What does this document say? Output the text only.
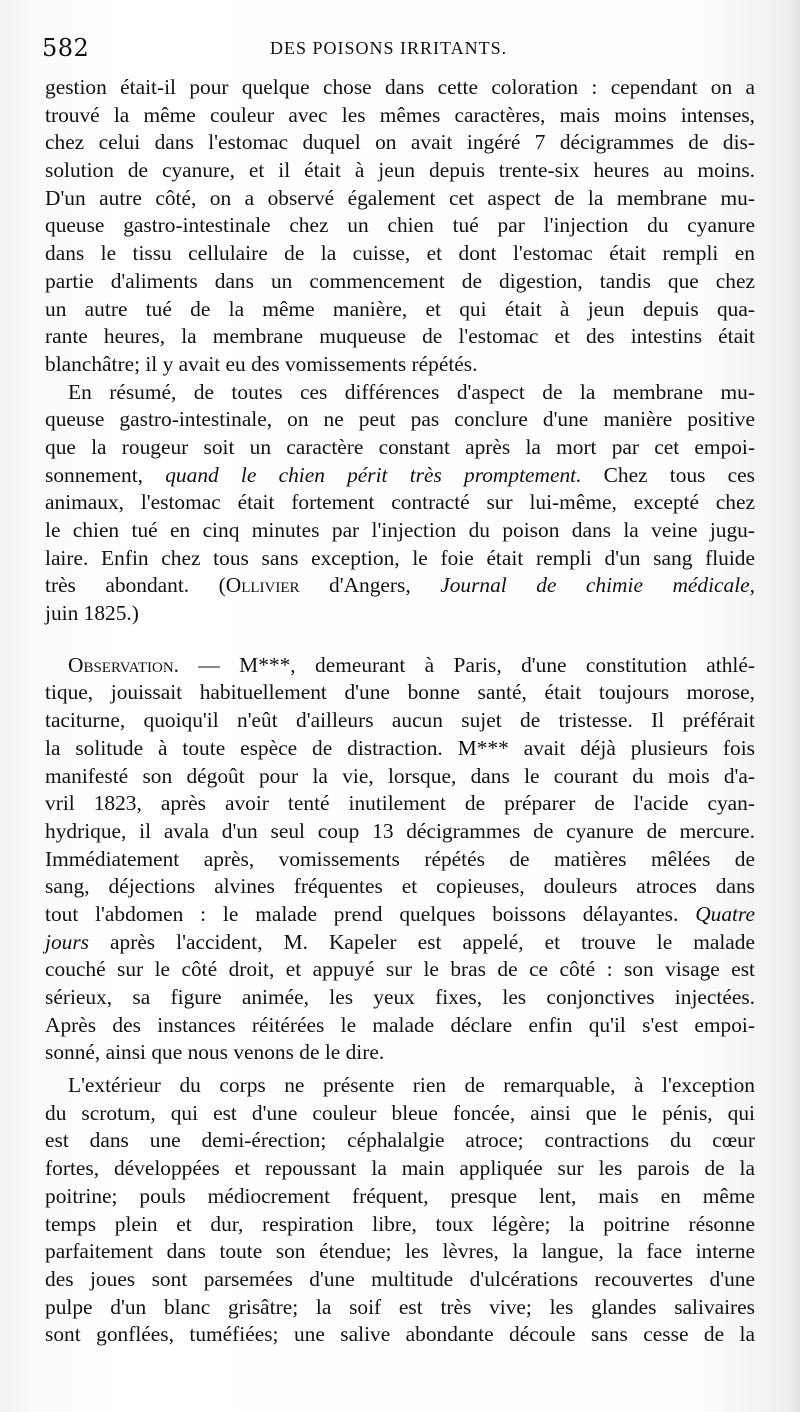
582	DES POISONS IRRITANTS.
gestion était-il pour quelque chose dans cette coloration : cependant on a
trouvé la même couleur avec les mêmes caractères, mais moins intenses,
chez celui dans l'estomac duquel on avait ingéré 7 décigrammes de dis-
solution de cyanure, et il était à jeun depuis trente-six heures au moins.
D'un autre côté, on a observé également cet aspect de la membrane mu-
queuse gastro-intestinale chez un chien tué par l'injection du cyanure
dans le tissu cellulaire de la cuisse, et dont l'estomac était rempli en
partie d'aliments dans un commencement de digestion, tandis que chez
un autre tué de la même manière, et qui était à jeun depuis qua-
rante heures, la membrane muqueuse de l'estomac et des intestins était
blanchâtre; il y avait eu des vomissements répétés.
En résumé, de toutes ces différences d'aspect de la membrane mu-
queuse gastro-intestinale, on ne peut pas conclure d'une manière positive
que la rougeur soit un caractère constant après la mort par cet empoi-
sonnement, quand le chien périt très promptement. Chez tous ces
animaux, l'estomac était fortement contracté sur lui-même, excepté chez
le chien tué en cinq minutes par l'injection du poison dans la veine jugu-
laire. Enfin chez tous sans exception, le foie était rempli d'un sang fluide
très abondant. (Ollivier d'Angers, Journal de chimie médicale,
juin 1825.)
Observation. — M***, demeurant à Paris, d'une constitution athlé-
tique, jouissait habituellement d'une bonne santé, était toujours morose,
taciturne, quoiqu'il n'eût d'ailleurs aucun sujet de tristesse. Il préférait
la solitude à toute espèce de distraction. M*** avait déjà plusieurs fois
manifesté son dégoût pour la vie, lorsque, dans le courant du mois d'a-
vril 1823, après avoir tenté inutilement de préparer de l'acide cyan-
hydrique, il avala d'un seul coup 13 décigrammes de cyanure de mercure.
Immédiatement après, vomissements répétés de matières mêlées de
sang, déjections alvines fréquentes et copieuses, douleurs atroces dans
tout l'abdomen : le malade prend quelques boissons délayantes. Quatre
jours après l'accident, M. Kapeler est appelé, et trouve le malade
couché sur le côté droit, et appuyé sur le bras de ce côté : son visage est
sérieux, sa figure animée, les yeux fixes, les conjonctives injectées.
Après des instances réitérées le malade déclare enfin qu'il s'est empoi-
sonné, ainsi que nous venons de le dire.
L'extérieur du corps ne présente rien de remarquable, à l'exception
du scrotum, qui est d'une couleur bleue foncée, ainsi que le pénis, qui
est dans une demi-érection; céphalalgie atroce; contractions du cœur
fortes, développées et repoussant la main appliquée sur les parois de la
poitrine; pouls médiocrement fréquent, presque lent, mais en même
temps plein et dur, respiration libre, toux légère; la poitrine résonne
parfaitement dans toute son étendue; les lèvres, la langue, la face interne
des joues sont parsemées d'une multitude d'ulcérations recouvertes d'une
pulpe d'un blanc grisâtre; la soif est très vive; les glandes salivaires
sont gonflées, tuméfiées; une salive abondante découle sans cesse de la
